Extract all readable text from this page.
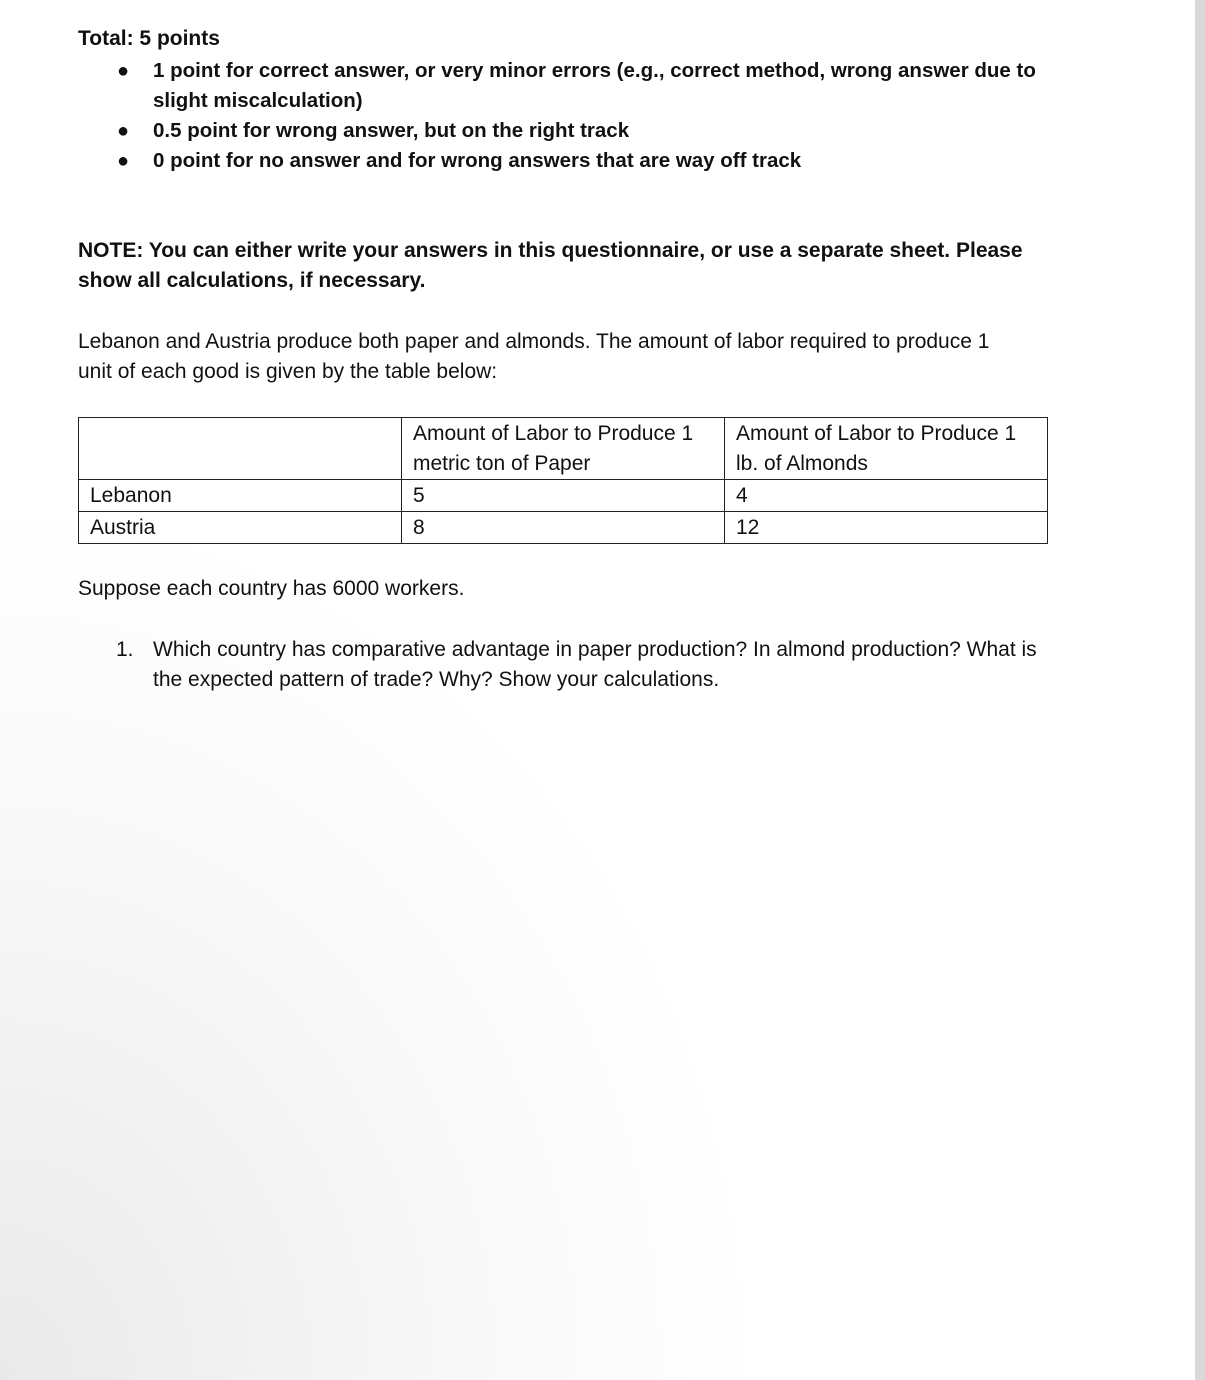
Total: 5 points

● 1 point for correct answer, or very minor errors (e.g., correct method, wrong answer due to slight miscalculation)
● 0.5 point for wrong answer, but on the right track
● 0 point for no answer and for wrong answers that are way off track

NOTE: You can either write your answers in this questionnaire, or use a separate sheet. Please show all calculations, if necessary.

Lebanon and Austria produce both paper and almonds. The amount of labor required to produce 1 unit of each good is given by the table below:

	Amount of Labor to Produce 1 metric ton of Paper	Amount of Labor to Produce 1 lb. of Almonds
Lebanon	5	4
Austria	8	12

Suppose each country has 6000 workers.

1. Which country has comparative advantage in paper production? In almond production? What is the expected pattern of trade? Why? Show your calculations.
